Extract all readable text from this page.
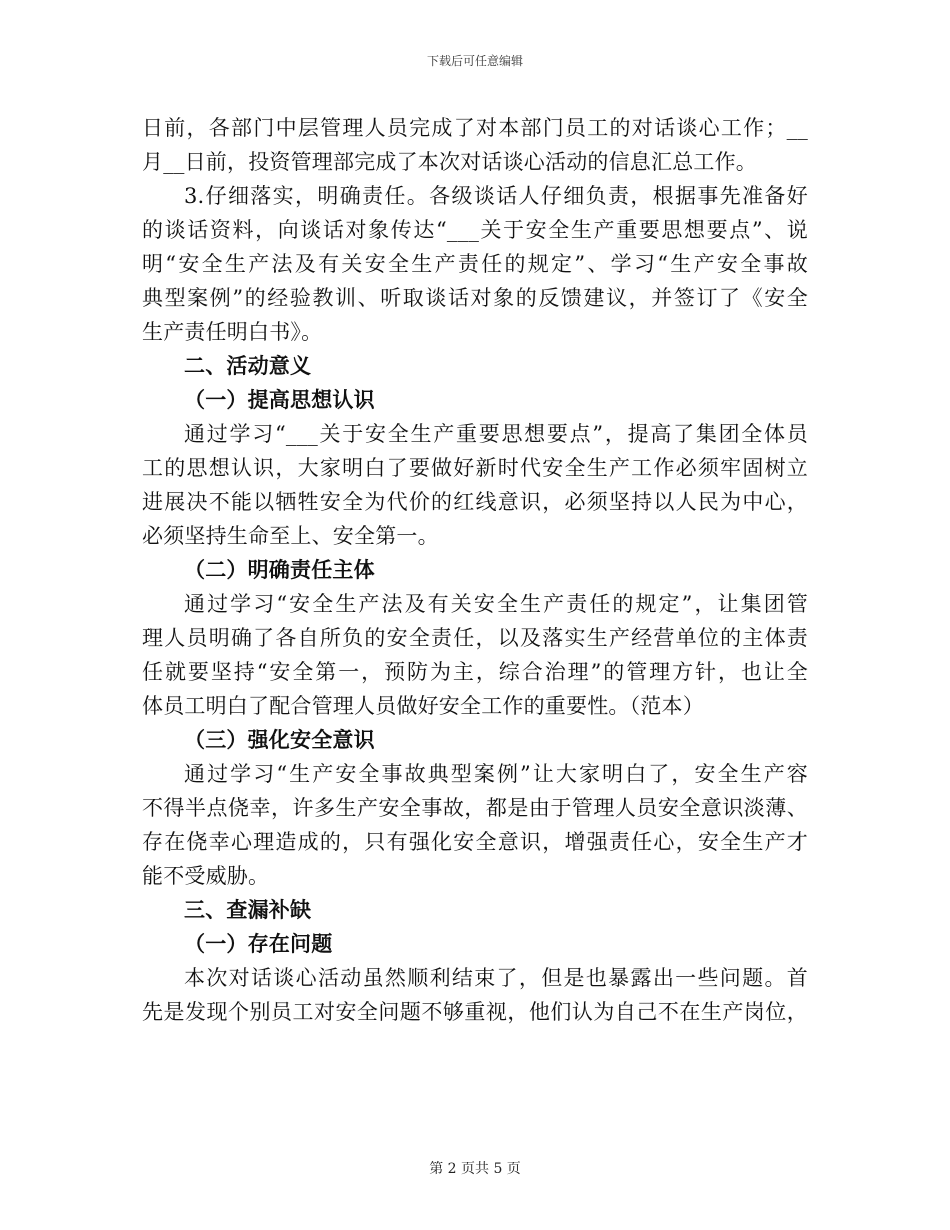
下载后可任意编辑
日前，各部门中层管理人员完成了对本部门员工的对话谈心工作；__
月__日前，投资管理部完成了本次对话谈心活动的信息汇总工作。
3.仔细落实，明确责任。各级谈话人仔细负责，根据事先准备好
的谈话资料，向谈话对象传达“___关于安全生产重要思想要点”、说
明“安全生产法及有关安全生产责任的规定”、学习“生产安全事故
典型案例”的经验教训、听取谈话对象的反馈建议，并签订了《安全
生产责任明白书》。
二、活动意义
（一）提高思想认识
通过学习“___关于安全生产重要思想要点”，提高了集团全体员
工的思想认识，大家明白了要做好新时代安全生产工作必须牢固树立
进展决不能以牺牲安全为代价的红线意识，必须坚持以人民为中心，
必须坚持生命至上、安全第一。
（二）明确责任主体
通过学习“安全生产法及有关安全生产责任的规定”，让集团管
理人员明确了各自所负的安全责任，以及落实生产经营单位的主体责
任就要坚持“安全第一，预防为主，综合治理”的管理方针，也让全
体员工明白了配合管理人员做好安全工作的重要性。（范本）
（三）强化安全意识
通过学习“生产安全事故典型案例”让大家明白了，安全生产容
不得半点侥幸，许多生产安全事故，都是由于管理人员安全意识淡薄、
存在侥幸心理造成的，只有强化安全意识，增强责任心，安全生产才
能不受威胁。
三、查漏补缺
（一）存在问题
本次对话谈心活动虽然顺利结束了，但是也暴露出一些问题。首
先是发现个别员工对安全问题不够重视，他们认为自己不在生产岗位，
第 2 页共 5 页
